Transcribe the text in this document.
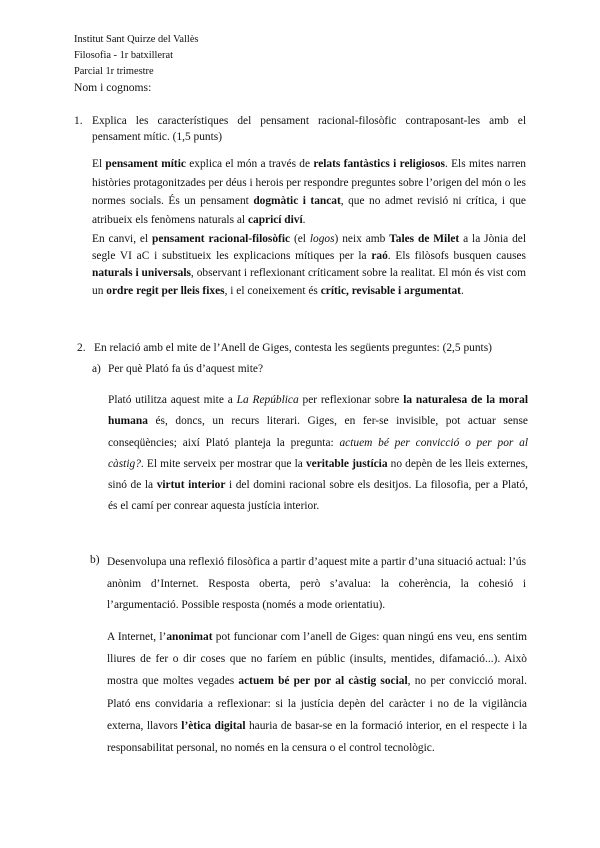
Institut Sant Quirze del Vallès
Filosofia - 1r batxillerat
Parcial 1r trimestre
Nom i cognoms:
1. Explica les característiques del pensament racional-filosòfic contraposant-les amb el pensament mític. (1,5 punts)
El pensament mític explica el món a través de relats fantàstics i religiosos. Els mites narren històries protagonitzades per déus i herois per respondre preguntes sobre l’origen del món o les normes socials. És un pensament dogmàtic i tancat, que no admet revisió ni crítica, i que atribueix els fenòmens naturals al capricí diví.
En canvi, el pensament racional-filosòfic (el logos) neix amb Tales de Milet a la Jònia del segle VI aC i substitueix les explicacions mítiques per la raó. Els filòsofs busquen causes naturals i universals, observant i reflexionant críticament sobre la realitat. El món és vist com un ordre regit per lleis fixes, i el coneixement és crític, revisable i argumentat.
2. En relació amb el mite de l’Anell de Giges, contesta les següents preguntes: (2,5 punts)
a) Per què Plató fa ús d’aquest mite?
Plató utilitza aquest mite a La República per reflexionar sobre la naturalesa de la moral humana és, doncs, un recurs literari. Giges, en fer-se invisible, pot actuar sense conseqüències; així Plató planteja la pregunta: actuem bé per convicció o per por al càstig?. El mite serveix per mostrar que la veritable justícia no depèn de les lleis externes, sinó de la virtut interior i del domini racional sobre els desitjos. La filosofia, per a Plató, és el camí per conrear aquesta justícia interior.
b) Desenvolupa una reflexió filosòfica a partir d’aquest mite a partir d’una situació actual: l’ús anònim d’Internet. Resposta oberta, però s’avalua: la coherència, la cohesió i l’argumentació. Possible resposta (només a mode orientatiu).
A Internet, l’anonimat pot funcionar com l’anell de Giges: quan ningú ens veu, ens sentim lliures de fer o dir coses que no faríem en públic (insults, mentides, difamació...). Això mostra que moltes vegades actuem bé per por al càstig social, no per convicció moral. Plató ens convidaria a reflexionar: si la justícia depèn del caràcter i no de la vigilància externa, llavors l’ètica digital hauria de basar-se en la formació interior, en el respecte i la responsabilitat personal, no només en la censura o el control tecnològic.
